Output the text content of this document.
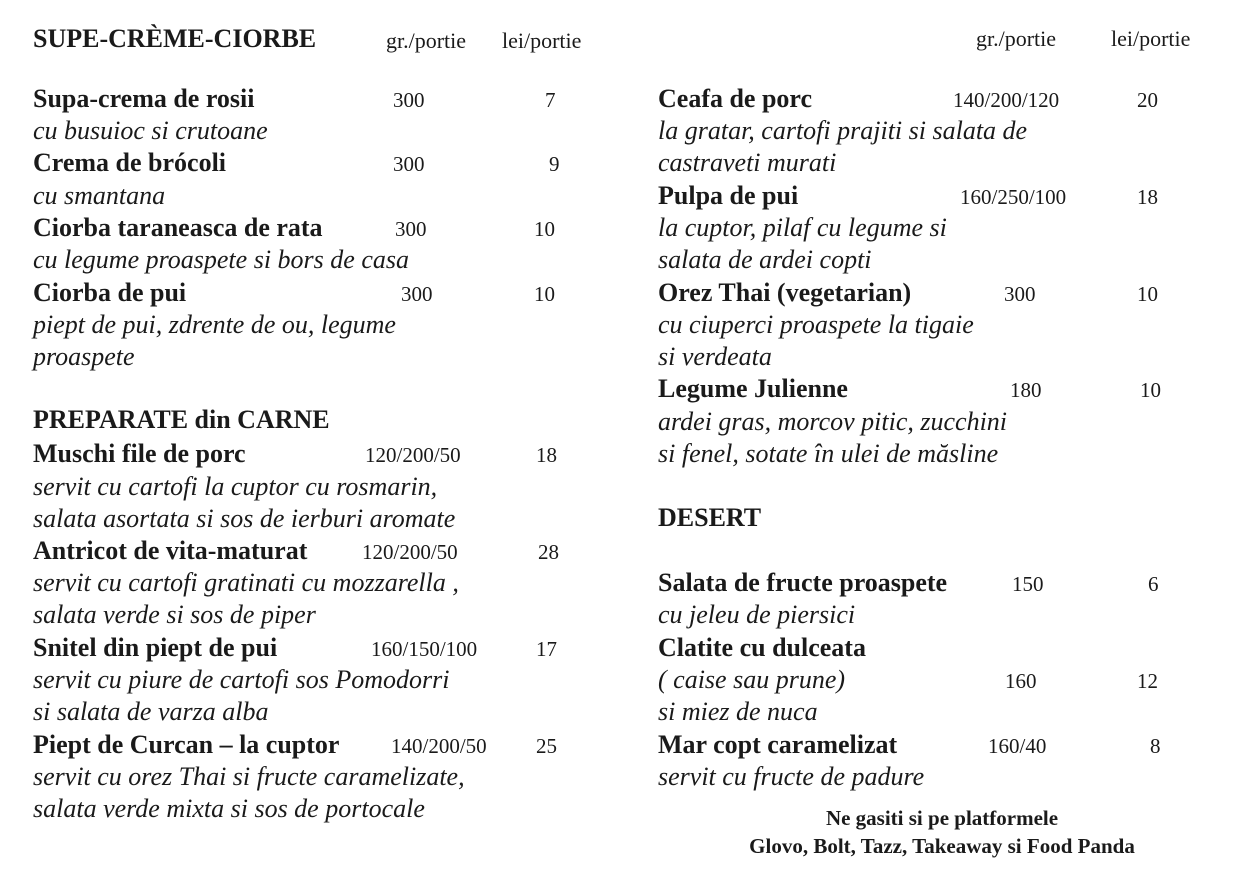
SUPE-CRÈME-CIORBE	gr./portie lei/portie	gr./portie lei/portie
Supa-crema de rosii	300	7
cu busuioc si crutoane
Crema de brócoli	300	9
cu smantana
Ciorba taraneasca de rata	300	10
cu legume proaspete si bors de casa
Ciorba de pui	300	10
piept de pui, zdrente de ou, legume
proaspete
PREPARATE din CARNE
Muschi file de porc	120/200/50	18
servit cu cartofi la cuptor cu rosmarin,
salata asortata si sos de ierburi aromate
Antricot de vita-maturat	120/200/50	28
servit cu cartofi gratinati cu mozzarella ,
salata verde si sos de piper
Snitel din piept de pui	160/150/100	17
servit cu piure de cartofi sos Pomodorri
si salata de varza alba
Piept de Curcan – la cuptor 140/200/50 25
servit cu orez Thai si fructe caramelizate,
salata verde mixta si sos de portocale
Ceafa de porc	140/200/120	20
la gratar, cartofi prajiti si salata de
castraveti murati
Pulpa de pui	160/250/100	18
la cuptor, pilaf cu legume si
salata de ardei copti
Orez Thai (vegetarian)	300	10
cu ciuperci proaspete la tigaie
si verdeata
Legume Julienne	180	10
ardei gras, morcov pitic, zucchini
si fenel, sotate în ulei de măsline
DESERT
Salata de fructe proaspete	150	6
cu jeleu de piersici
Clatite cu dulceata
( caise sau prune)	160	12
si miez de nuca
Mar copt caramelizat	160/40	8
servit cu fructe de padure
Ne gasiti si pe platformele
Glovo, Bolt, Tazz, Takeaway si Food Panda
